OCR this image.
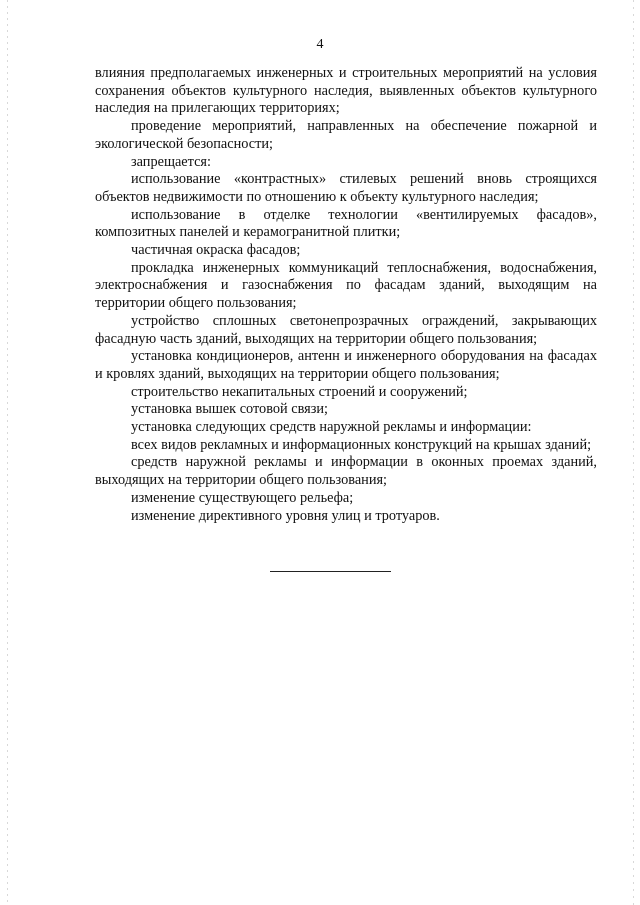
4

влияния предполагаемых инженерных и строительных мероприятий на условия сохранения объектов культурного наследия, выявленных объектов культурного наследия на прилегающих территориях;

проведение мероприятий, направленных на обеспечение пожарной и экологической безопасности;

запрещается:

использование «контрастных» стилевых решений вновь строящихся объектов недвижимости по отношению к объекту культурного наследия;

использование в отделке технологии «вентилируемых фасадов», композитных панелей и керамогранитной плитки;

частичная окраска фасадов;

прокладка инженерных коммуникаций теплоснабжения, водоснабжения, электроснабжения и газоснабжения по фасадам зданий, выходящим на территории общего пользования;

устройство сплошных светонепрозрачных ограждений, закрывающих фасадную часть зданий, выходящих на территории общего пользования;

установка кондиционеров, антенн и инженерного оборудования на фасадах и кровлях зданий, выходящих на территории общего пользования;

строительство некапитальных строений и сооружений;

установка вышек сотовой связи;

установка следующих средств наружной рекламы и информации:

всех видов рекламных и информационных конструкций на крышах зданий;

средств наружной рекламы и информации в оконных проемах зданий, выходящих на территории общего пользования;

изменение существующего рельефа;

изменение директивного уровня улиц и тротуаров.
